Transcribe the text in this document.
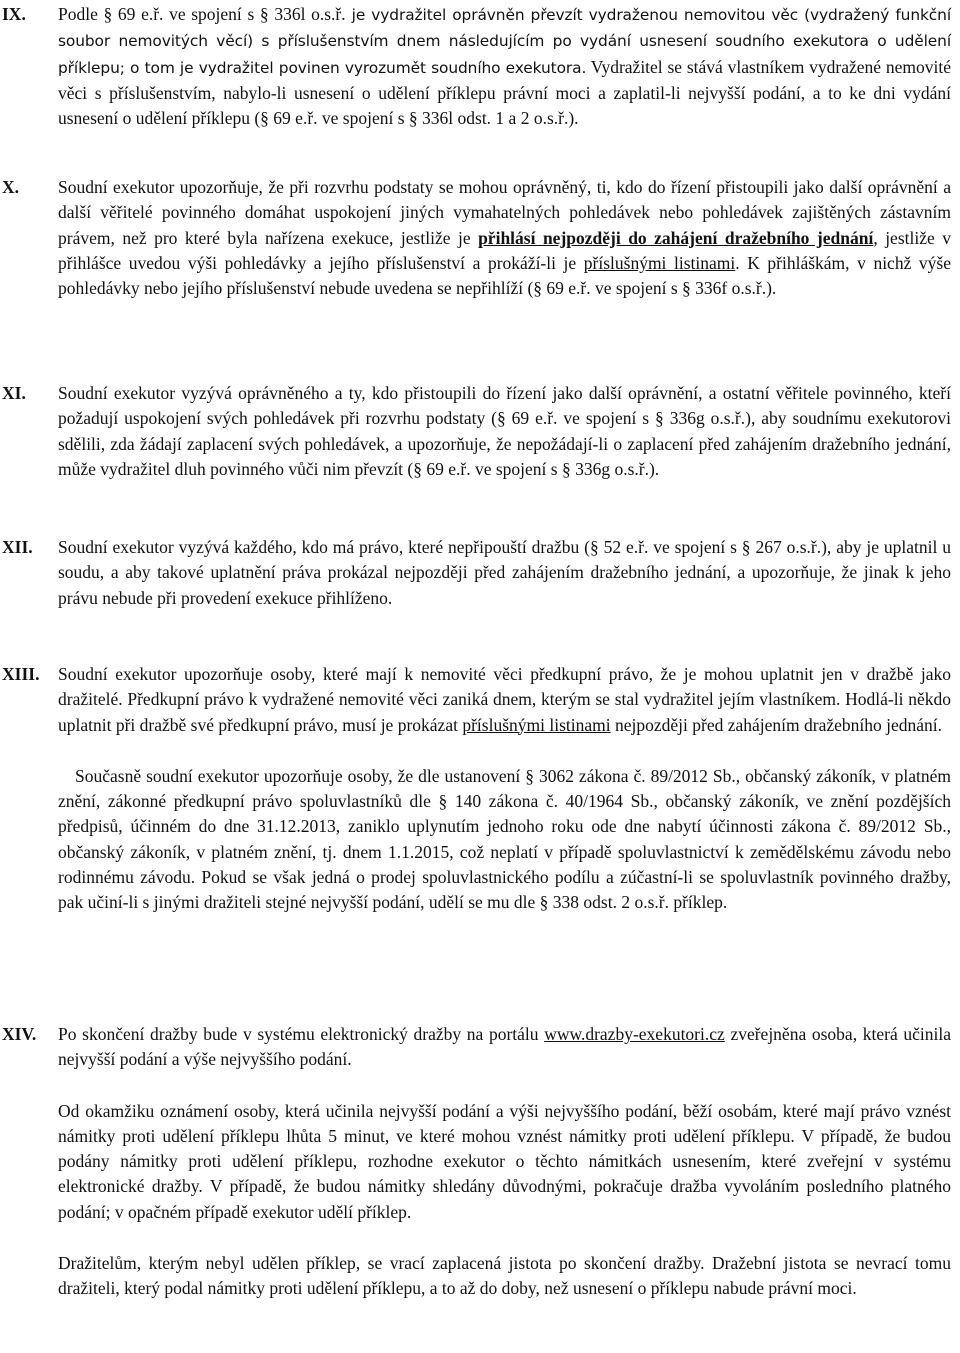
IX. Podle § 69 e.ř. ve spojení s § 336l o.s.ř. je vydražitel oprávněn převzít vydraženou nemovitou věc (vydražený funkční soubor nemovitých věcí) s příslušenstvím dnem následujícím po vydání usnesení soudního exekutora o udělení příklepu; o tom je vydražitel povinen vyrozumět soudního exekutora. Vydražitel se stává vlastníkem vydražené nemovité věci s příslušenstvím, nabylo-li usnesení o udělení příklepu právní moci a zaplatil-li nejvyšší podání, a to ke dni vydání usnesení o udělení příklepu (§ 69 e.ř. ve spojení s § 336l odst. 1 a 2 o.s.ř.).

X. Soudní exekutor upozorňuje, že při rozvrhu podstaty se mohou oprávněný, ti, kdo do řízení přistoupili jako další oprávnění a další věřitelé povinného domáhat uspokojení jiných vymahatelných pohledávek nebo pohledávek zajištěných zástavním právem, než pro které byla nařízena exekuce, jestliže je přihlásí nejpozději do zahájení dražebního jednání, jestliže v přihlášce uvedou výši pohledávky a jejího příslušenství a prokáží-li je příslušnými listinami. K přihláškám, v nichž výše pohledávky nebo jejího příslušenství nebude uvedena se nepřihlíží (§ 69 e.ř. ve spojení s § 336f o.s.ř.).

XI. Soudní exekutor vyzývá oprávněného a ty, kdo přistoupili do řízení jako další oprávnění, a ostatní věřitele povinného, kteří požadují uspokojení svých pohledávek při rozvrhu podstaty (§ 69 e.ř. ve spojení s § 336g o.s.ř.), aby soudnímu exekutorovi sdělili, zda žádají zaplacení svých pohledávek, a upozorňuje, že nepožádají-li o zaplacení před zahájením dražebního jednání, může vydražitel dluh povinného vůči nim převzít (§ 69 e.ř. ve spojení s § 336g o.s.ř.).

XII. Soudní exekutor vyzývá každého, kdo má právo, které nepřipouští dražbu (§ 52 e.ř. ve spojení s § 267 o.s.ř.), aby je uplatnil u soudu, a aby takové uplatnění práva prokázal nejpozději před zahájením dražebního jednání, a upozorňuje, že jinak k jeho právu nebude při provedení exekuce přihlíženo.

XIII. Soudní exekutor upozorňuje osoby, které mají k nemovité věci předkupní právo, že je mohou uplatnit jen v dražbě jako dražitelé. Předkupní právo k vydražené nemovité věci zaniká dnem, kterým se stal vydražitel jejím vlastníkem. Hodlá-li někdo uplatnit při dražbě své předkupní právo, musí je prokázat příslušnými listinami nejpozději před zahájením dražebního jednání.

Současně soudní exekutor upozorňuje osoby, že dle ustanovení § 3062 zákona č. 89/2012 Sb., občanský zákoník, v platném znění, zákonné předkupní právo spoluvlastníků dle § 140 zákona č. 40/1964 Sb., občanský zákoník, ve znění pozdějších předpisů, účinném do dne 31.12.2013, zaniklo uplynutím jednoho roku ode dne nabytí účinnosti zákona č. 89/2012 Sb., občanský zákoník, v platném znění, tj. dnem 1.1.2015, což neplatí v případě spoluvlastnictví k zemědělskému závodu nebo rodinnému závodu. Pokud se však jedná o prodej spoluvlastnického podílu a zúčastní-li se spoluvlastník povinného dražby, pak učiní-li s jinými dražiteli stejné nejvyšší podání, udělí se mu dle § 338 odst. 2 o.s.ř. příklep.

XIV. Po skončení dražby bude v systému elektronický dražby na portálu www.drazby-exekutori.cz zveřejněna osoba, která učinila nejvyšší podání a výše nejvyššího podání.

Od okamžiku oznámení osoby, která učinila nejvyšší podání a výši nejvyššího podání, běží osobám, které mají právo vznést námitky proti udělení příklepu lhůta 5 minut, ve které mohou vznést námitky proti udělení příklepu. V případě, že budou podány námitky proti udělení příklepu, rozhodne exekutor o těchto námitkách usnesením, které zveřejní v systému elektronické dražby. V případě, že budou námitky shledány důvodnými, pokračuje dražba vyvoláním posledního platného podání; v opačném případě exekutor udělí příklep.

Dražitelům, kterým nebyl udělen příklep, se vrací zaplacená jistota po skončení dražby. Dražební jistota se nevrací tomu dražiteli, který podal námitky proti udělení příklepu, a to až do doby, než usnesení o příklepu nabude právní moci.
